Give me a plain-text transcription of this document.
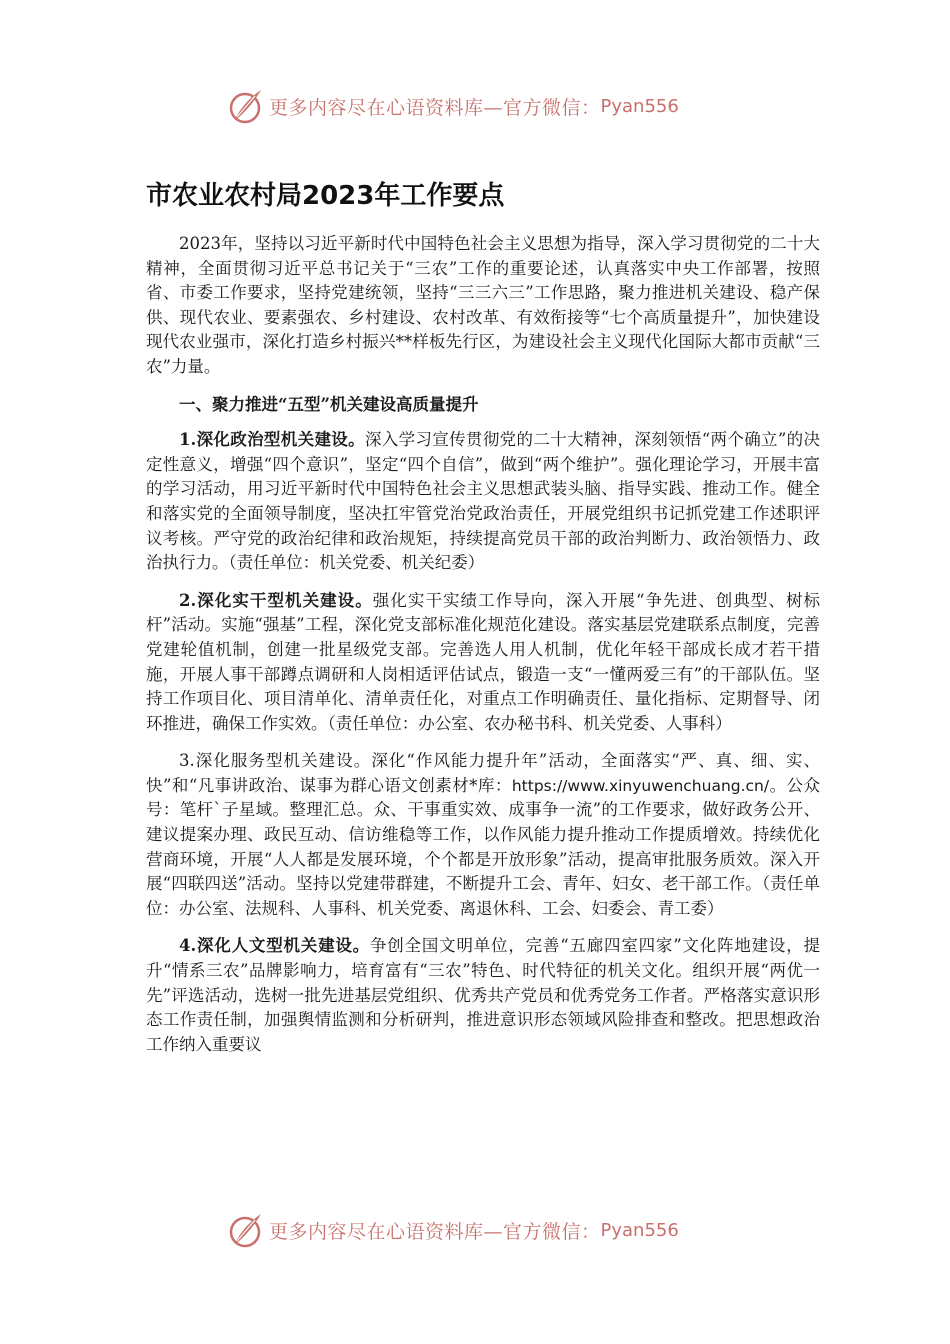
更多内容尽在心语资料库—官方微信： Pyan556
市农业农村局2023年工作要点

2023年，坚持以习近平新时代中国特色社会主义思想为指导，深入学习贯彻党的二十大精神，全面贯彻习近平总书记关于“三农”工作的重要论述，认真落实中央工作部署，按照省、市委工作要求，坚持党建统领，坚持“三三六三”工作思路，聚力推进机关建设、稳产保供、现代农业、要素强农、乡村建设、农村改革、有效衔接等“七个高质量提升”，加快建设现代农业强市，深化打造乡村振兴**样板先行区，为建设社会主义现代化国际大都市贡献“三农”力量。

一、聚力推进“五型”机关建设高质量提升

1.深化政治型机关建设。深入学习宣传贯彻党的二十大精神，深刻领悟“两个确立”的决定性意义，增强“四个意识”，坚定“四个自信”，做到“两个维护”。强化理论学习，开展丰富的学习活动，用习近平新时代中国特色社会主义思想武装头脑、指导实践、推动工作。健全和落实党的全面领导制度，坚决扛牢管党治党政治责任，开展党组织书记抓党建工作述职评议考核。严守党的政治纪律和政治规矩，持续提高党员干部的政治判断力、政治领悟力、政治执行力。（责任单位：机关党委、机关纪委）

2.深化实干型机关建设。强化实干实绩工作导向，深入开展“争先进、创典型、树标杆”活动。实施“强基”工程，深化党支部标准化规范化建设。落实基层党建联系点制度，完善党建轮值机制，创建一批星级党支部。完善选人用人机制，优化年轻干部成长成才若干措施，开展人事干部蹲点调研和人岗相适评估试点，锻造一支“一懂两爱三有”的干部队伍。坚持工作项目化、项目清单化、清单责任化，对重点工作明确责任、量化指标、定期督导、闭环推进，确保工作实效。（责任单位：办公室、农办秘书科、机关党委、人事科）

3.深化服务型机关建设。深化“作风能力提升年”活动，全面落实“严、真、细、实、快”和“凡事讲政治、谋事为群心语文创素材*库：https://www.xinyuwenchuang.cn/。公众号：笔杆`子星域。整理汇总。众、干事重实效、成事争一流”的工作要求，做好政务公开、建议提案办理、政民互动、信访维稳等工作，以作风能力提升推动工作提质增效。持续优化营商环境，开展“人人都是发展环境，个个都是开放形象”活动，提高审批服务质效。深入开展“四联四送”活动。坚持以党建带群建，不断提升工会、青年、妇女、老干部工作。（责任单位：办公室、法规科、人事科、机关党委、离退休科、工会、妇委会、青工委）

4.深化人文型机关建设。争创全国文明单位，完善“五廊四室四家”文化阵地建设，提升“情系三农”品牌影响力，培育富有“三农”特色、时代特征的机关文化。组织开展“两优一先”评选活动，选树一批先进基层党组织、优秀共产党员和优秀党务工作者。严格落实意识形态工作责任制，加强舆情监测和分析研判，推进意识形态领域风险排查和整改。把思想政治工作纳入重要议

更多内容尽在心语资料库—官方微信： Pyan556
